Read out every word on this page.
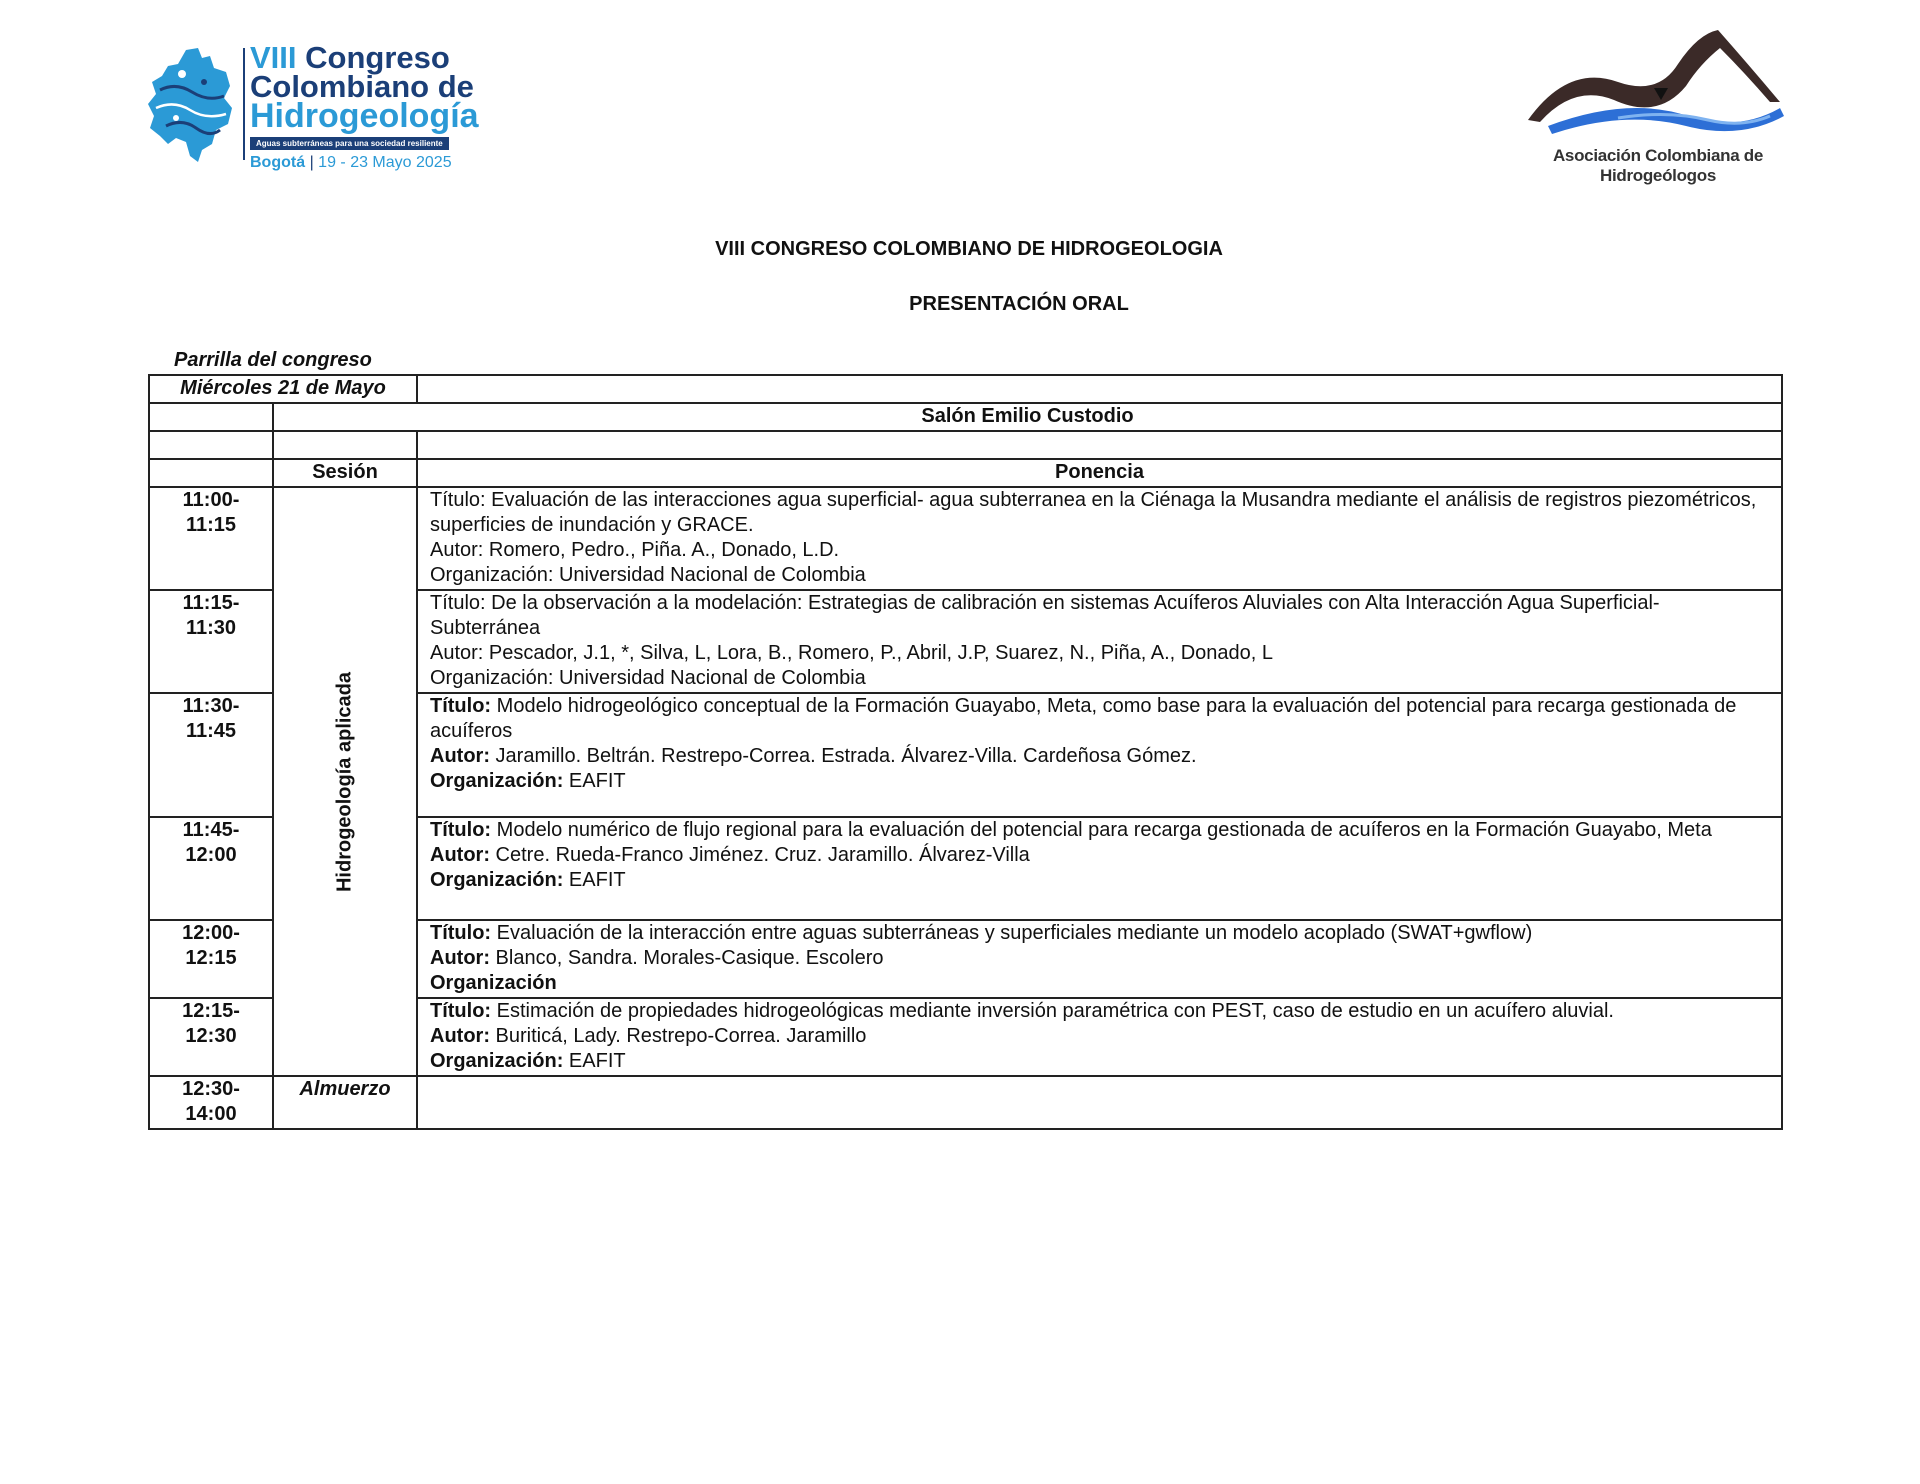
VIII Congreso
Colombiano de
Hidrogeología
Aguas subterráneas para una sociedad resiliente
Bogotá | 19 - 23 Mayo 2025	Asociación Colombiana de Hidrogeólogos
VIII CONGRESO COLOMBIANO DE HIDROGEOLOGIA
PRESENTACIÓN ORAL
Parrilla del congreso
Miércoles 21 de Mayo		
	Salón Emilio Custodio	

	Sesión	Ponencia
11:00-
11:15	Hidrogeología aplicada	Título: Evaluación de las interacciones agua superficial- agua subterranea en la Ciénaga la Musandra mediante el análisis de registros piezométricos, superficies de inundación y GRACE.
Autor: Romero, Pedro., Piña. A., Donado, L.D.
Organización: Universidad Nacional de Colombia
11:15-
11:30		Título: De la observación a la modelación: Estrategias de calibración en sistemas Acuíferos Aluviales con Alta Interacción Agua Superficial-Subterránea
Autor: Pescador, J.1, *, Silva, L, Lora, B., Romero, P., Abril, J.P, Suarez, N., Piña, A., Donado, L
Organización: Universidad Nacional de Colombia
11:30-
11:45		Título: Modelo hidrogeológico conceptual de la Formación Guayabo, Meta, como base para la evaluación del potencial para recarga gestionada de acuíferos
Autor: Jaramillo. Beltrán. Restrepo-Correa. Estrada. Álvarez-Villa. Cardeñosa Gómez.
Organización: EAFIT
11:45-
12:00		Título: Modelo numérico de flujo regional para la evaluación del potencial para recarga gestionada de acuíferos en la Formación Guayabo, Meta
Autor: Cetre. Rueda-Franco Jiménez. Cruz. Jaramillo. Álvarez-Villa
Organización: EAFIT
12:00-
12:15		Título: Evaluación de la interacción entre aguas subterráneas y superficiales mediante un modelo acoplado (SWAT+gwflow)
Autor: Blanco, Sandra. Morales-Casique. Escolero
Organización
12:15-
12:30		Título: Estimación de propiedades hidrogeológicas mediante inversión paramétrica con PEST, caso de estudio en un acuífero aluvial.
Autor: Buriticá, Lady. Restrepo-Correa. Jaramillo
Organización: EAFIT
12:30-
14:00	Almuerzo	
